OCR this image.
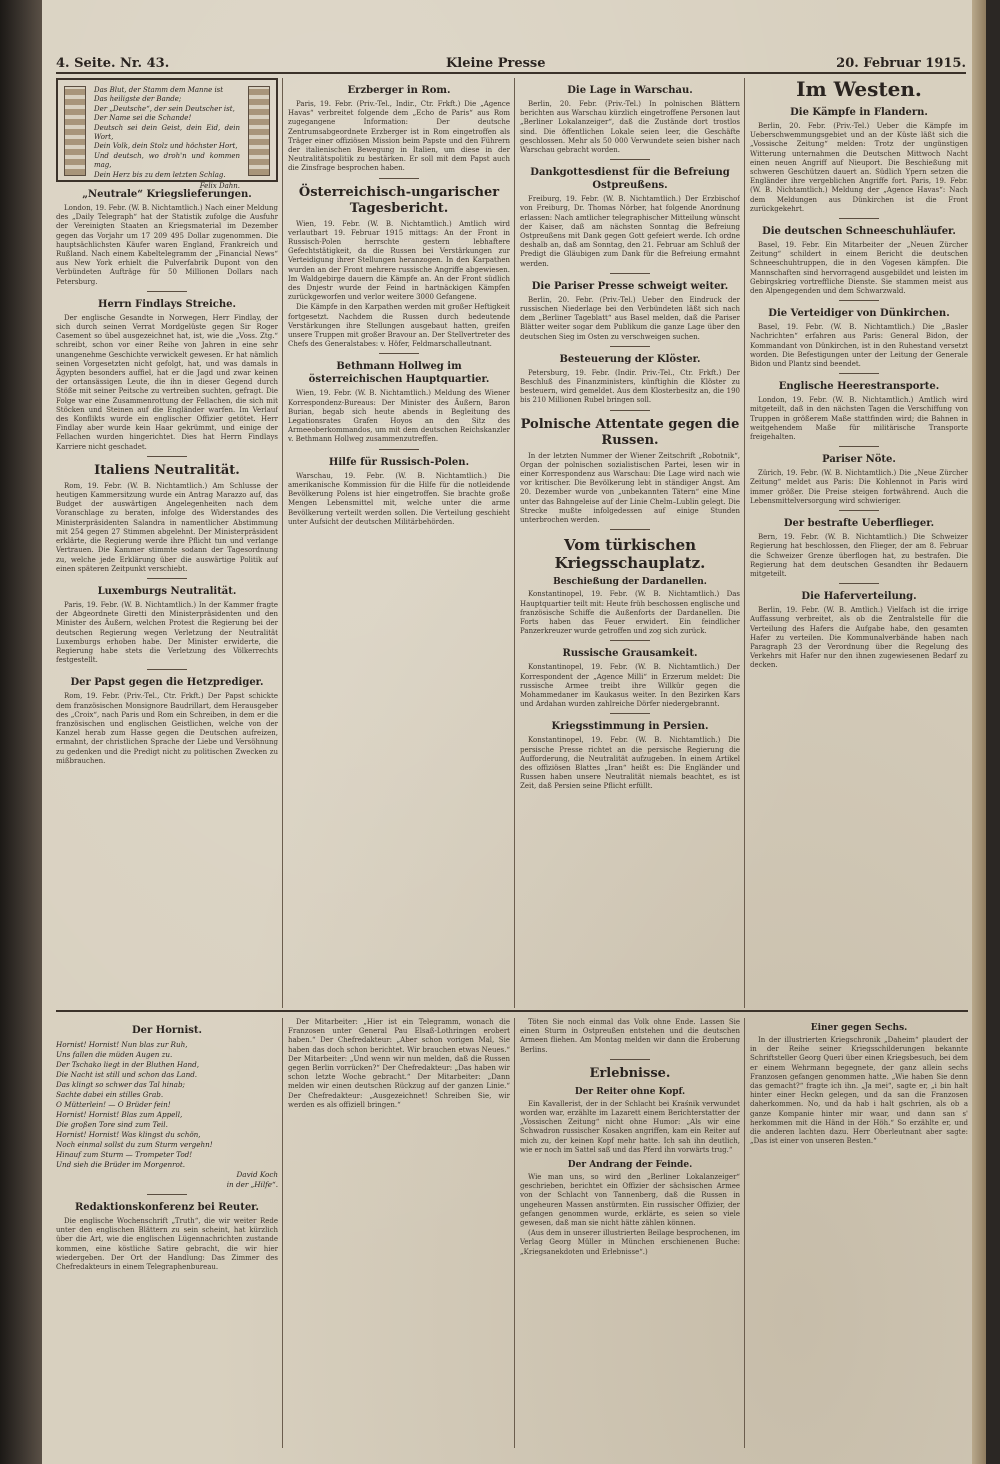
4. Seite. Nr. 43.	Kleine Presse	20. Februar 1915.
Das Blut, der Stamm dem Manne ist
Das heiligste der Bande;
Der „Deutsche“, der sein Deutscher ist,
Der Name sei die Schande!
Deutsch sei dein Geist, dein Eid, dein Wort,
Dein Volk, dein Stolz und höchster Hort,
Und deutsch, wo droh'n und kommen mag,
Dein Herz bis zu dem letzten Schlag.
Felix Dahn.
„Neutrale“ Kriegslieferungen.

London, 19. Febr. (W. B. Nichtamtlich.) Nach einer Meldung des „Daily Telegraph“ hat der Statistik zufolge die Ausfuhr der Vereinigten Staaten an Kriegsmaterial im Dezember gegen das Vorjahr um 17 209 495 Dollar zugenommen. Die hauptsächlichsten Käufer waren England, Frankreich und Rußland. Nach einem Kabeltelegramm der „Financial News“ aus New York erhielt die Pulverfabrik Dupont von den Verbündeten Aufträge für 50 Millionen Dollars nach Petersburg.

Herrn Findlays Streiche.

Der englische Gesandte in Norwegen, Herr Findlay, der sich durch seinen Verrat Mordgelüste gegen Sir Roger Casement so übel ausgezeichnet hat, ist, wie die „Voss. Ztg.“ schreibt, schon vor einer Reihe von Jahren in eine sehr unangenehme Geschichte verwickelt gewesen. Er hat nämlich seinen Vorgesetzten nicht gefolgt, hat, und was damals in Ägypten besonders auffiel, hat er die Jagd und zwar keinen der ortansässigen Leute, die ihn in dieser Gegend durch Stöße mit seiner Peitsche zu vertreiben suchten, gefragt. Die Folge war eine Zusammenrottung der Fellachen, die sich mit Stöcken und Steinen auf die Engländer warfen. Im Verlauf des Konflikts wurde ein englischer Offizier getötet. Herr Findlay aber wurde kein Haar gekrümmt, und einige der Fellachen wurden hingerichtet. Dies hat Herrn Findlays Karriere nicht geschadet.

Italiens Neutralität.

Rom, 19. Febr. (W. B. Nichtamtlich.) Am Schlusse der heutigen Kammersitzung wurde ein Antrag Marazzo auf, das Budget der auswärtigen Angelegenheiten nach dem Voranschlage zu beraten, infolge des Widerstandes des Ministerpräsidenten Salandra in namentlicher Abstimmung mit 254 gegen 27 Stimmen abgelehnt. Der Ministerpräsident erklärte, die Regierung werde ihre Pflicht tun und verlange Vertrauen. Die Kammer stimmte sodann der Tagesordnung zu, welche jede Erklärung über die auswärtige Politik auf einen späteren Zeitpunkt verschiebt.

Luxemburgs Neutralität.

Paris, 19. Febr. (W. B. Nichtamtlich.) In der Kammer fragte der Abgeordnete Giretti den Ministerpräsidenten und den Minister des Äußern, welchen Protest die Regierung bei der deutschen Regierung wegen Verletzung der Neutralität Luxemburgs erhoben habe. Der Minister erwiderte, die Regierung habe stets die Verletzung des Völkerrechts festgestellt.

Der Papst gegen die Hetzprediger.

Rom, 19. Febr. (Priv.-Tel., Ctr. Frkft.) Der Papst schickte dem französischen Monsignore Baudrillart, dem Herausgeber des „Croix“, nach Paris und Rom ein Schreiben, in dem er die französischen und englischen Geistlichen, welche von der Kanzel herab zum Hasse gegen die Deutschen aufreizen, ermahnt, der christlichen Sprache der Liebe und Versöhnung zu gedenken und die Predigt nicht zu politischen Zwecken zu mißbrauchen.

Erzberger in Rom.

Paris, 19. Febr. (Priv.-Tel., Indir., Ctr. Frkft.) Die „Agence Havas“ verbreitet folgende dem „Echo de Paris“ aus Rom zugegangene Information: Der deutsche Zentrumsabgeordnete Erzberger ist in Rom eingetroffen als Träger einer offiziösen Mission beim Papste und den Führern der italienischen Bewegung in Italien, um diese in der Neutralitätspolitik zu bestärken. Er soll mit dem Papst auch die Zinsfrage besprochen haben.

Österreichisch-ungarischer Tagesbericht.

Wien, 19. Febr. (W. B. Nichtamtlich.) Amtlich wird verlautbart 19. Februar 1915 mittags: An der Front in Russisch-Polen herrschte gestern lebhaftere Gefechtstätigkeit, da die Russen bei Verstärkungen zur Verteidigung ihrer Stellungen heranzogen. In den Karpathen wurden an der Front mehrere russische Angriffe abgewiesen. Im Waldgebirge dauern die Kämpfe an. An der Front südlich des Dnjestr wurde der Feind in hartnäckigen Kämpfen zurückgeworfen und verlor weitere 3000 Gefangene.

Die Kämpfe in den Karpathen werden mit großer Heftigkeit fortgesetzt. Nachdem die Russen durch bedeutende Verstärkungen ihre Stellungen ausgebaut hatten, greifen unsere Truppen mit großer Bravour an. Der Stellvertreter des Chefs des Generalstabes: v. Höfer, Feldmarschalleutnant.

Bethmann Hollweg im österreichischen Hauptquartier.

Wien, 19. Febr. (W. B. Nichtamtlich.) Meldung des Wiener Korrespondenz-Bureaus: Der Minister des Äußern, Baron Burian, begab sich heute abends in Begleitung des Legationsrates Grafen Hoyos an den Sitz des Armeeoberkommandos, um mit dem deutschen Reichskanzler v. Bethmann Hollweg zusammenzutreffen.

Hilfe für Russisch-Polen.

Warschau, 19. Febr. (W. B. Nichtamtlich.) Die amerikanische Kommission für die Hilfe für die notleidende Bevölkerung Polens ist hier eingetroffen. Sie brachte große Mengen Lebensmittel mit, welche unter die arme Bevölkerung verteilt werden sollen. Die Verteilung geschieht unter Aufsicht der deutschen Militärbehörden.

Die Lage in Warschau.

Berlin, 20. Febr. (Priv.-Tel.) In polnischen Blättern berichten aus Warschau kürzlich eingetroffene Personen laut „Berliner Lokalanzeiger“, daß die Zustände dort trostlos sind. Die öffentlichen Lokale seien leer, die Geschäfte geschlossen. Mehr als 50 000 Verwundete seien bisher nach Warschau gebracht worden.

Dankgottesdienst für die Befreiung Ostpreußens.

Freiburg, 19. Febr. (W. B. Nichtamtlich.) Der Erzbischof von Freiburg, Dr. Thomas Nörber, hat folgende Anordnung erlassen: Nach amtlicher telegraphischer Mitteilung wünscht der Kaiser, daß am nächsten Sonntag die Befreiung Ostpreußens mit Dank gegen Gott gefeiert werde. Ich ordne deshalb an, daß am Sonntag, den 21. Februar am Schluß der Predigt die Gläubigen zum Dank für die Befreiung ermahnt werden.

Die Pariser Presse schweigt weiter.

Berlin, 20. Febr. (Priv.-Tel.) Ueber den Eindruck der russischen Niederlage bei den Verbündeten läßt sich nach dem „Berliner Tageblatt“ aus Basel melden, daß die Pariser Blätter weiter sogar dem Publikum die ganze Lage über den deutschen Sieg im Osten zu verschweigen suchen.

Besteuerung der Klöster.

Petersburg, 19. Febr. (Indir. Priv.-Tel., Ctr. Frkft.) Der Beschluß des Finanzministers, künftighin die Klöster zu besteuern, wird gemeldet. Aus dem Klosterbesitz an, die 190 bis 210 Millionen Rubel bringen soll.

Polnische Attentate gegen die Russen.

In der letzten Nummer der Wiener Zeitschrift „Robotnik“, Organ der polnischen sozialistischen Partei, lesen wir in einer Korrespondenz aus Warschau: Die Lage wird nach wie vor kritischer. Die Bevölkerung lebt in ständiger Angst. Am 20. Dezember wurde von „unbekannten Tätern“ eine Mine unter das Bahngeleise auf der Linie Chelm–Lublin gelegt. Die Strecke mußte infolgedessen auf einige Stunden unterbrochen werden.

Vom türkischen Kriegsschauplatz.
Beschießung der Dardanellen.

Konstantinopel, 19. Febr. (W. B. Nichtamtlich.) Das Hauptquartier teilt mit: Heute früh beschossen englische und französische Schiffe die Außenforts der Dardanellen. Die Forts haben das Feuer erwidert. Ein feindlicher Panzerkreuzer wurde getroffen und zog sich zurück.

Russische Grausamkeit.

Konstantinopel, 19. Febr. (W. B. Nichtamtlich.) Der Korrespondent der „Agence Milli“ in Erzerum meldet: Die russische Armee treibt ihre Willkür gegen die Mohammedaner im Kaukasus weiter. In den Bezirken Kars und Ardahan wurden zahlreiche Dörfer niedergebrannt.

Kriegsstimmung in Persien.

Konstantinopel, 19. Febr. (W. B. Nichtamtlich.) Die persische Presse richtet an die persische Regierung die Aufforderung, die Neutralität aufzugeben. In einem Artikel des offiziösen Blattes „Iran“ heißt es: Die Engländer und Russen haben unsere Neutralität niemals beachtet, es ist Zeit, daß Persien seine Pflicht erfüllt.

Im Westen.
Die Kämpfe in Flandern.

Berlin, 20. Febr. (Priv.-Tel.) Ueber die Kämpfe im Ueberschwemmungsgebiet und an der Küste läßt sich die „Vossische Zeitung“ melden: Trotz der ungünstigen Witterung unternahmen die Deutschen Mittwoch Nacht einen neuen Angriff auf Nieuport. Die Beschießung mit schweren Geschützen dauert an. Südlich Ypern setzen die Engländer ihre vergeblichen Angriffe fort. Paris, 19. Febr. (W. B. Nichtamtlich.) Meldung der „Agence Havas“: Nach dem Meldungen aus Dünkirchen ist die Front zurückgekehrt.

Die deutschen Schneeschuhläufer.

Basel, 19. Febr. Ein Mitarbeiter der „Neuen Zürcher Zeitung“ schildert in einem Bericht die deutschen Schneeschuhtruppen, die in den Vogesen kämpfen. Die Mannschaften sind hervorragend ausgebildet und leisten im Gebirgskrieg vortreffliche Dienste. Sie stammen meist aus den Alpengegenden und dem Schwarzwald.

Die Verteidiger von Dünkirchen.

Basel, 19. Febr. (W. B. Nichtamtlich.) Die „Basler Nachrichten“ erfahren aus Paris: General Bidon, der Kommandant von Dünkirchen, ist in den Ruhestand versetzt worden. Die Befestigungen unter der Leitung der Generale Bidon und Plantz sind beendet.

Englische Heerestransporte.

London, 19. Febr. (W. B. Nichtamtlich.) Amtlich wird mitgeteilt, daß in den nächsten Tagen die Verschiffung von Truppen in größerem Maße stattfinden wird; die Bahnen in weitgehendem Maße für militärische Transporte freigehalten.

Pariser Nöte.

Zürich, 19. Febr. (W. B. Nichtamtlich.) Die „Neue Zürcher Zeitung“ meldet aus Paris: Die Kohlennot in Paris wird immer größer. Die Preise steigen fortwährend. Auch die Lebensmittelversorgung wird schwieriger.

Der bestrafte Ueberflieger.

Bern, 19. Febr. (W. B. Nichtamtlich.) Die Schweizer Regierung hat beschlossen, den Flieger, der am 8. Februar die Schweizer Grenze überflogen hat, zu bestrafen. Die Regierung hat dem deutschen Gesandten ihr Bedauern mitgeteilt.

Die Haferverteilung.

Berlin, 19. Febr. (W. B. Amtlich.) Vielfach ist die irrige Auffassung verbreitet, als ob die Zentralstelle für die Verteilung des Hafers die Aufgabe habe, den gesamten Hafer zu verteilen. Die Kommunalverbände haben nach Paragraph 23 der Verordnung über die Regelung des Verkehrs mit Hafer nur den ihnen zugewiesenen Bedarf zu decken.

Der Hornist.
Hornist! Hornist! Nun blas zur Ruh,
Uns fallen die müden Augen zu.
Der Tschako liegt in der Bluthen Hand,
Die Nacht ist still und schon das Land.
Das klingt so schwer das Tal hinab;
Sachte dabei ein stilles Grab.
O Mütterlein! — O Brüder fein!
Hornist! Hornist! Blas zum Appell,
Die großen Tore sind zum Teil.
Hornist! Hornist! Was klingst du schön,
Noch einmal sollst du zum Sturm vergehn!
Hinauf zum Sturm — Trompeter Tod!
Und sieh die Brüder im Morgenrot.
David Koch
in der „Hilfe“.
Redaktionskonferenz bei Reuter.

Die englische Wochenschrift „Truth“, die wir weiter Rede unter den englischen Blättern zu sein scheint, hat kürzlich über die Art, wie die englischen Lügennachrichten zustande kommen, eine köstliche Satire gebracht, die wir hier wiedergeben. Der Ort der Handlung: Das Zimmer des Chefredakteurs in einem Telegraphenbureau.

Der Mitarbeiter: „Hier ist ein Telegramm, wonach die Franzosen unter General Pau Elsaß-Lothringen erobert haben.“ Der Chefredakteur: „Aber schon vorigen Mal, Sie haben das doch schon berichtet. Wir brauchen etwas Neues.“ Der Mitarbeiter: „Und wenn wir nun melden, daß die Russen gegen Berlin vorrücken?“ Der Chefredakteur: „Das haben wir schon letzte Woche gebracht.“ Der Mitarbeiter: „Dann melden wir einen deutschen Rückzug auf der ganzen Linie.“ Der Chefredakteur: „Ausgezeichnet! Schreiben Sie, wir werden es als offiziell bringen.“

Töten Sie noch einmal das Volk ohne Ende. Lassen Sie einen Sturm in Ostpreußen entstehen und die deutschen Armeen fliehen. Am Montag melden wir dann die Eroberung Berlins.

Erlebnisse.
Der Reiter ohne Kopf.

Ein Kavallerist, der in der Schlacht bei Kraśnik verwundet worden war, erzählte im Lazarett einem Berichterstatter der „Vossischen Zeitung“ nicht ohne Humor: „Als wir eine Schwadron russischer Kosaken angriffen, kam ein Reiter auf mich zu, der keinen Kopf mehr hatte. Ich sah ihn deutlich, wie er noch im Sattel saß und das Pferd ihn vorwärts trug.“

Der Andrang der Feinde.

Wie man uns, so wird den „Berliner Lokalanzeiger“ geschrieben, berichtet ein Offizier der sächsischen Armee von der Schlacht von Tannenberg, daß die Russen in ungeheuren Massen anstürmten. Ein russischer Offizier, der gefangen genommen wurde, erklärte, es seien so viele gewesen, daß man sie nicht hätte zählen können.

(Aus dem in unserer illustrierten Beilage besprochenen, im Verlag Georg Müller in München erschienenen Buche: „Kriegsanekdoten und Erlebnisse“.)

Einer gegen Sechs.

In der illustrierten Kriegschronik „Daheim“ plaudert der in der Reihe seiner Kriegsschilderungen bekannte Schriftsteller Georg Queri über einen Kriegsbesuch, bei dem er einem Wehrmann begegnete, der ganz allein sechs Franzosen gefangen genommen hatte. „Wie haben Sie denn das gemacht?“ fragte ich ihn. „Ja mei“, sagte er, „i bin halt hinter einer Heckn gelegen, und da san die Franzosen daherkommen. No, und da hab i halt gschrien, als ob a ganze Kompanie hinter mir waar, und dann san s' herkommen mit die Händ in der Höh.“ So erzählte er, und die anderen lachten dazu. Herr Oberleutnant aber sagte: „Das ist einer von unseren Besten.“
